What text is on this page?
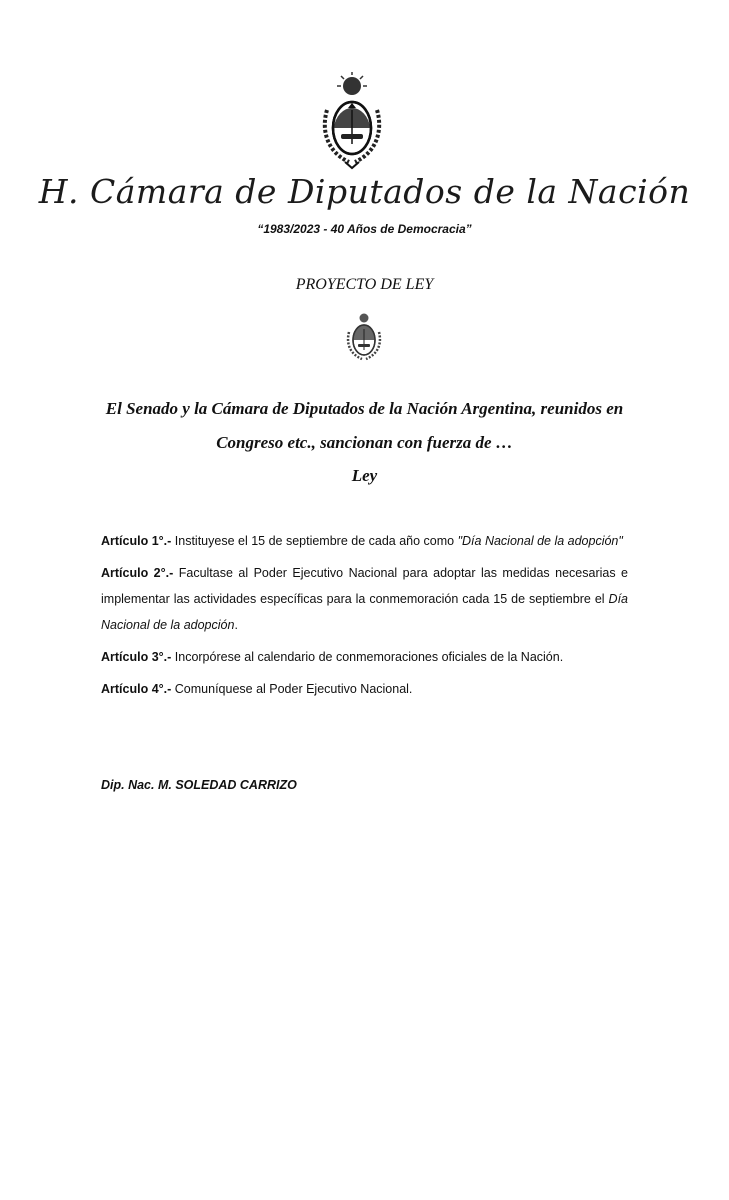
H. Cámara de Diputados de la Nación
“1983/2023 - 40 Años de Democracia”
PROYECTO DE LEY
El Senado y la Cámara de Diputados de la Nación Argentina, reunidos en
Congreso etc., sancionan con fuerza de …
Ley

Artículo 1°.- Instituyese el 15 de septiembre de cada año como "Día Nacional de la adopción"

Artículo 2°.- Facultase al Poder Ejecutivo Nacional para adoptar las medidas necesarias e implementar las actividades específicas para la conmemoración cada 15 de septiembre el Día Nacional de la adopción.

Artículo 3°.- Incorpórese al calendario de conmemoraciones oficiales de la Nación.

Artículo 4°.- Comuníquese al Poder Ejecutivo Nacional.

Dip. Nac. M. SOLEDAD CARRIZO
